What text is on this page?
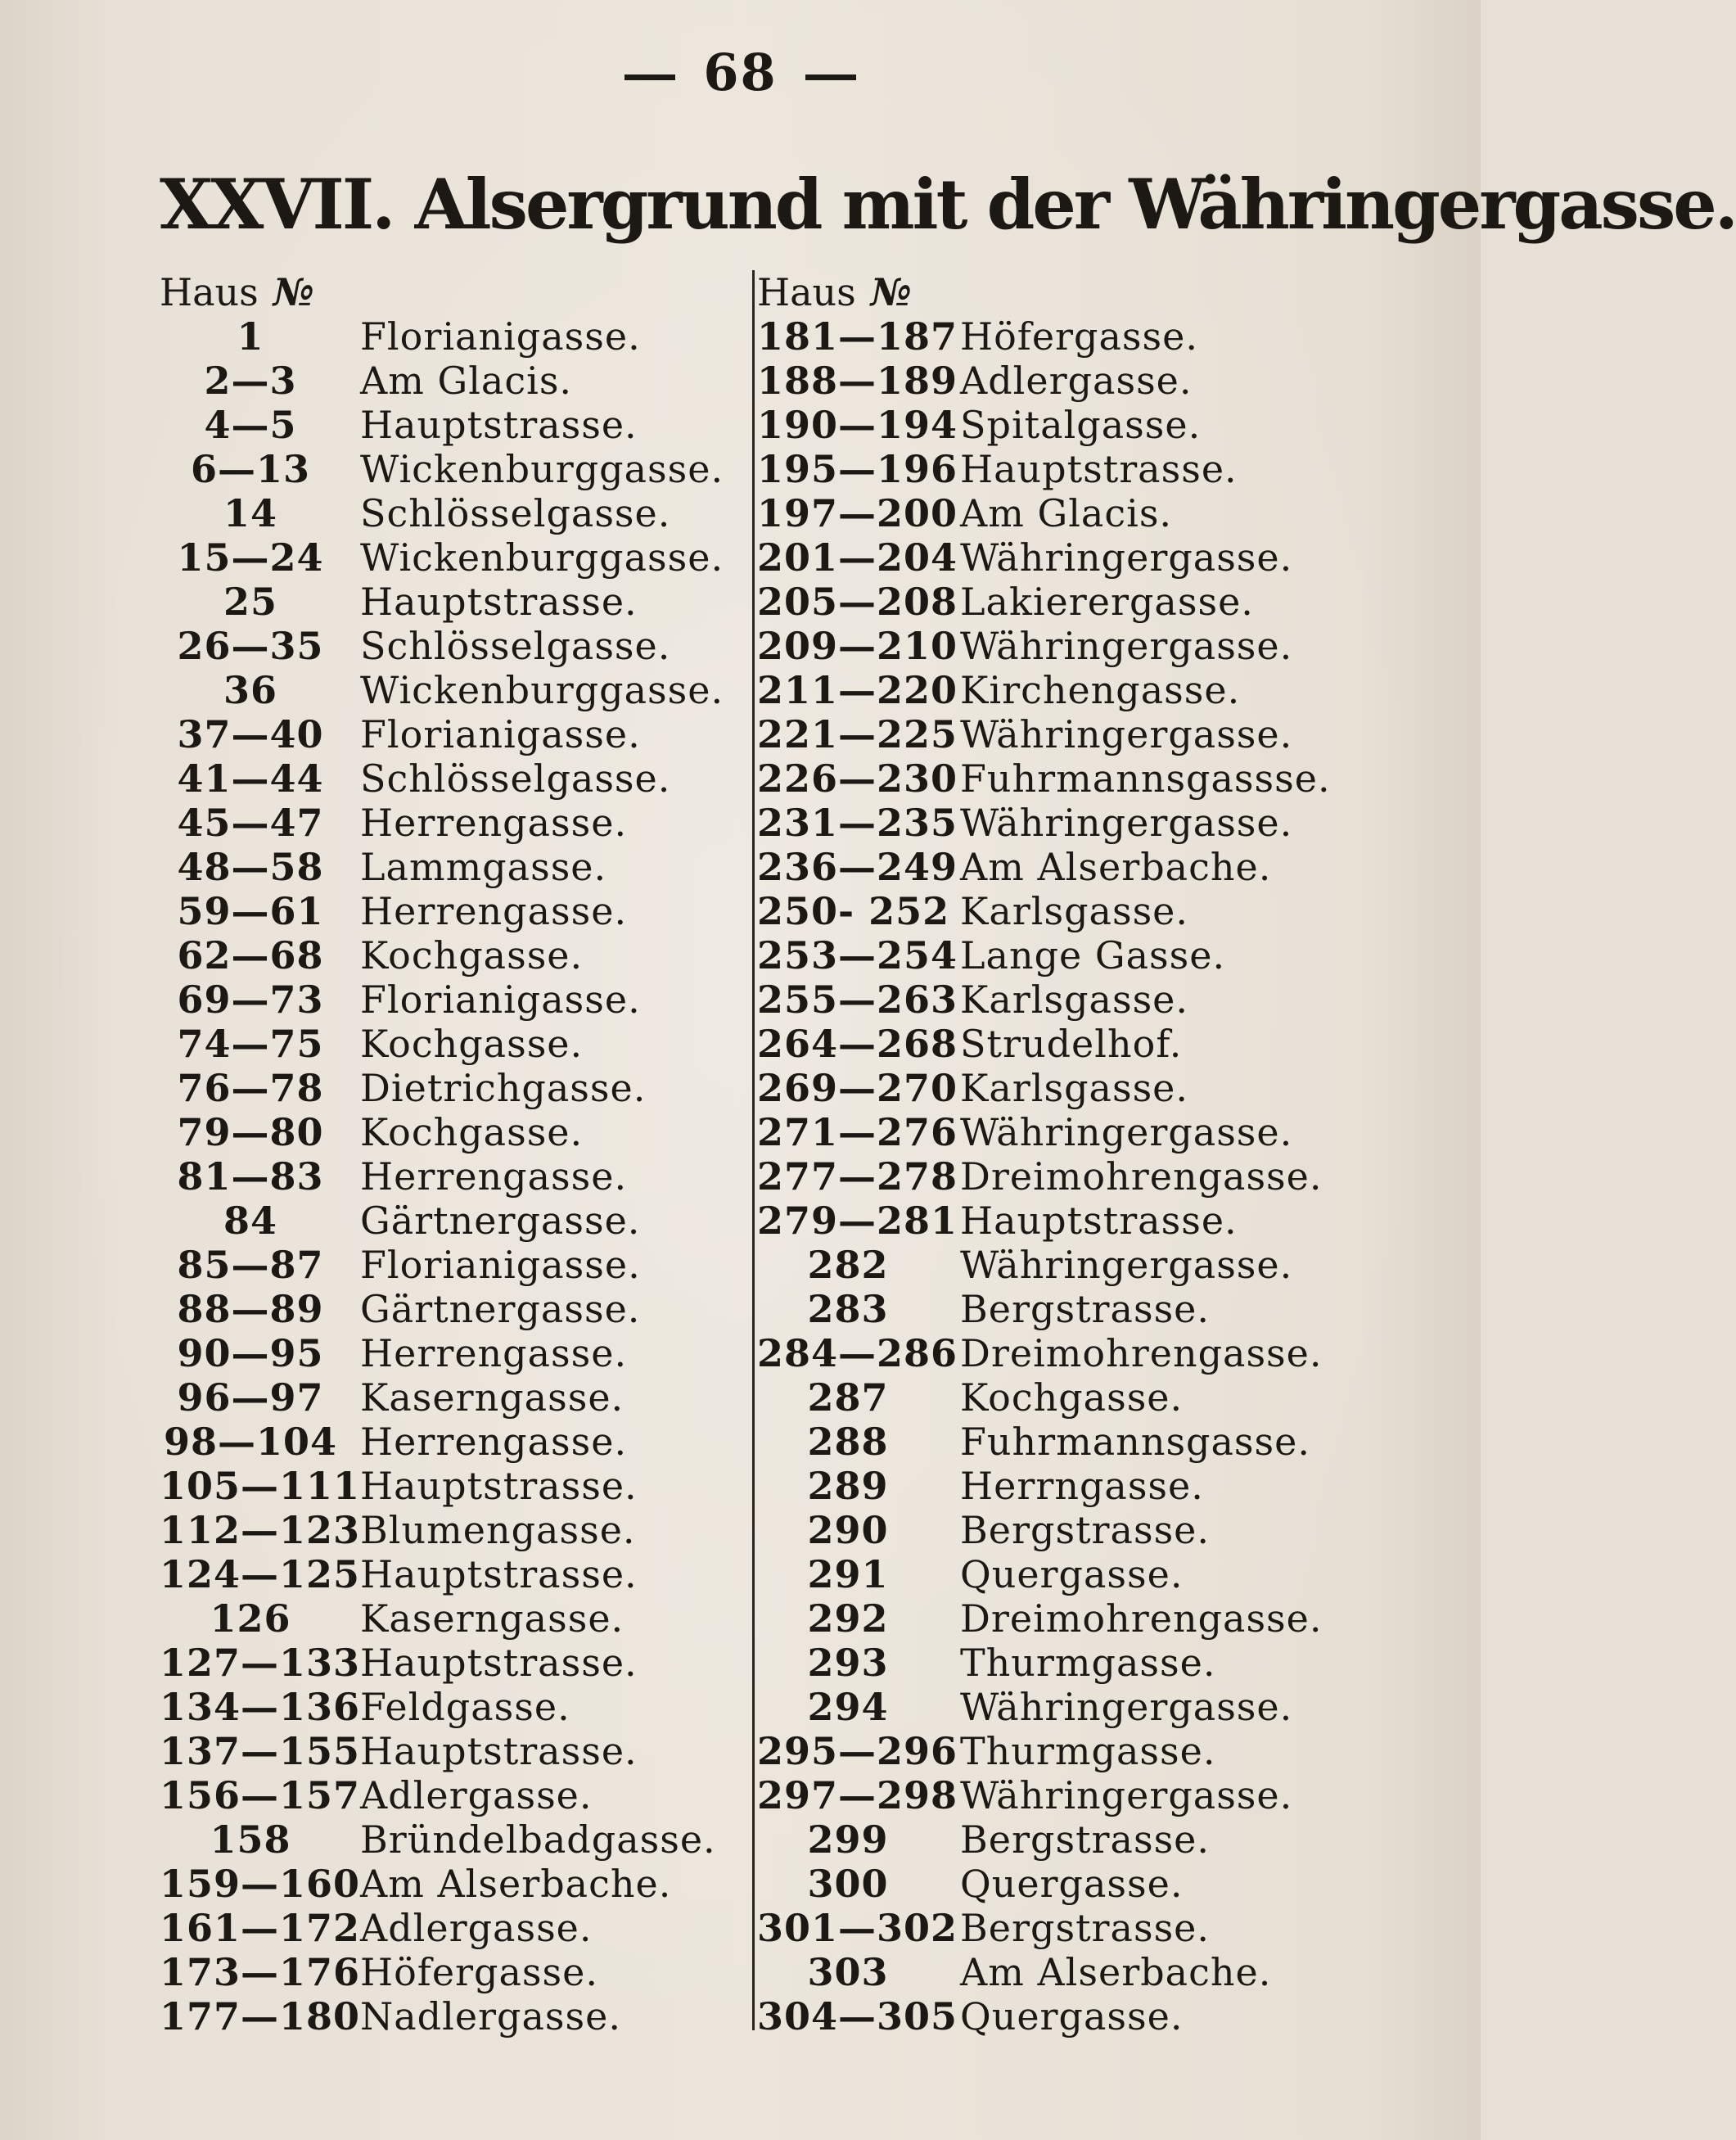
68
XXVII. Alsergrund mit der Währingergasse.
Haus №	Haus №
1	Florianigasse.
2—3	Am Glacis.
4—5	Hauptstrasse.
6—13	Wickenburggasse.
14	Schlösselgasse.
15—24 Wickenburggasse.
25	Hauptstrasse.
26—35 Schlösselgasse.
36	Wickenburggasse.
37—40 Florianigasse.
41—44 Schlösselgasse.
45—47 Herrengasse.
48—58 Lammgasse.
59—61 Herrengasse.
62—68 Kochgasse.
69—73 Florianigasse.
74—75 Kochgasse.
76—78 Dietrichgasse.
79—80 Kochgasse.
81—83 Herrengasse.
84	Gärtnergasse.
85—87 Florianigasse.
88—89 Gärtnergasse.
90—95 Herrengasse.
96—97 Kaserngasse.
98—104 Herrengasse.
105—111 Hauptstrasse.
112—123 Blumengasse.
124—125 Hauptstrasse.
126	Kaserngasse.
127—133 Hauptstrasse.
134—136 Feldgasse.
137—155 Hauptstrasse.
156—157 Adlergasse.
158	Bründelbadgasse.
159—160 Am Alserbache.
161—172 Adlergasse.
173—176 Höfergasse.
177—180 Nadlergasse.
181—187 Höfergasse.
188—189 Adlergasse.
190—194 Spitalgasse.
195—196 Hauptstrasse.
197—200 Am Glacis.
201—204 Währingergasse.
205—208 Lakierergasse.
209—210 Währingergasse.
211—220 Kirchengasse.
221—225 Währingergasse.
226—230 Fuhrmannsgassse.
231—235 Währingergasse.
236—249 Am Alserbache.
250- 252 Karlsgasse.
253—254 Lange Gasse.
255—263 Karlsgasse.
264—268 Strudelhof.
269—270 Karlsgasse.
271—276 Währingergasse.
277—278 Dreimohrengasse.
279—281 Hauptstrasse.
282	Währingergasse.
283	Bergstrasse.
284—286 Dreimohrengasse.
287	Kochgasse.
288	Fuhrmannsgasse.
289	Herrngasse.
290	Bergstrasse.
291	Quergasse.
292	Dreimohrengasse.
293	Thurmgasse.
294	Währingergasse.
295—296 Thurmgasse.
297—298 Währingergasse.
299	Bergstrasse.
300	Quergasse.
301—302 Bergstrasse.
303	Am Alserbache.
304—305 Quergasse.
